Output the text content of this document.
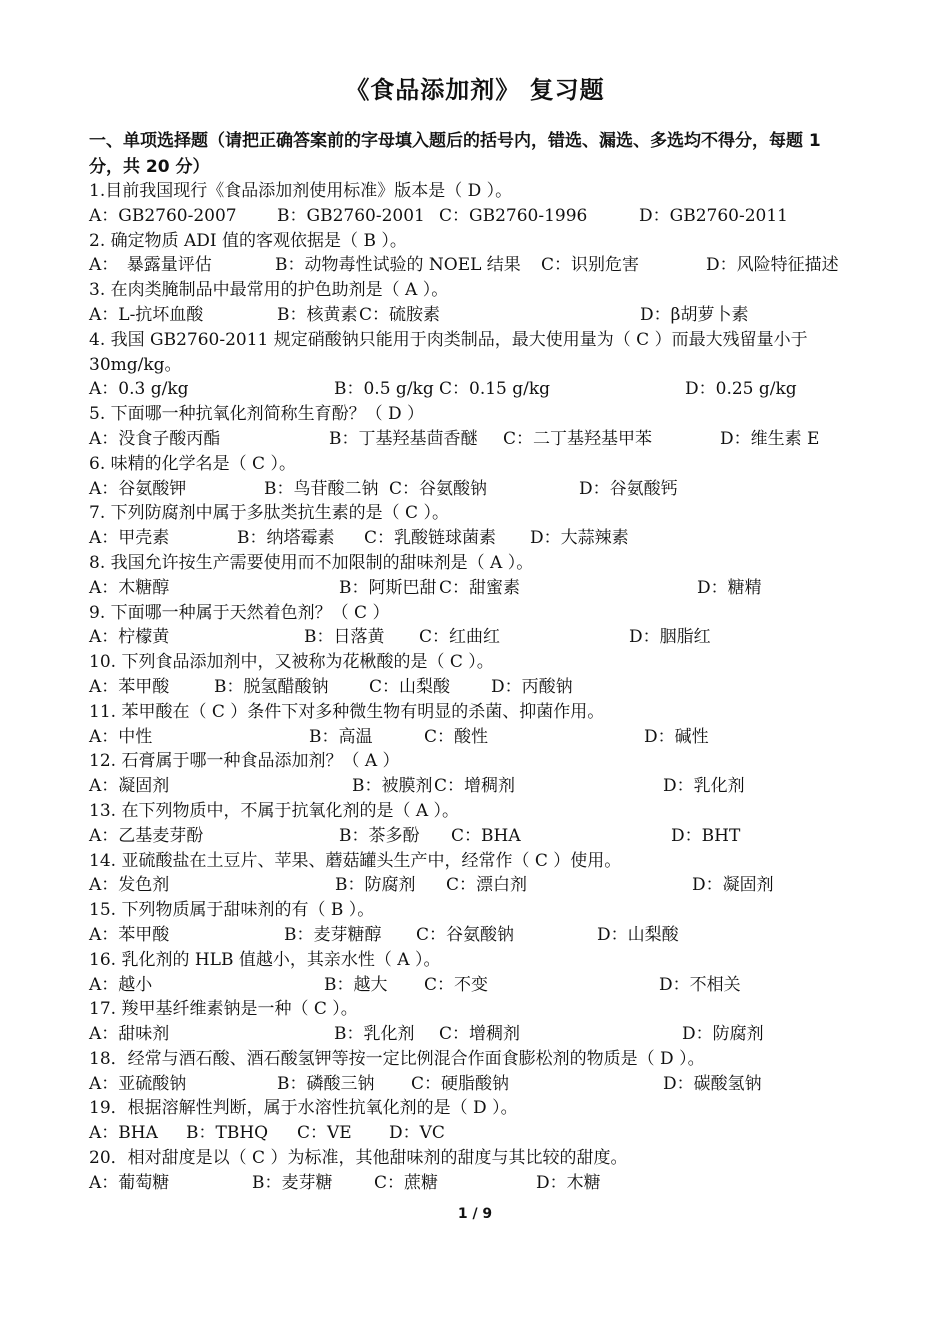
《食品添加剂》 复习题
一、单项选择题（请把正确答案前的字母填入题后的括号内，错选、漏选、多选均不得分，每题 1 分，共 20 分）
1.目前我国现行《食品添加剂使用标准》版本是（ D ）。
A：GB2760-2007 B：GB2760-2001 C：GB2760-1996	D：GB2760-2011
2. 确定物质 ADI 值的客观依据是（ B ）。
A：　暴露量评估	B：动物毒性试验的 NOEL 结果 C：识别危害	D：风险特征描述
3. 在肉类腌制品中最常用的护色助剂是（ A ）。
A：L-抗坏血酸	B：核黄素 C：硫胺素	D：β胡萝卜素
4. 我国 GB2760-2011 规定硝酸钠只能用于肉类制品，最大使用量为（ C ）而最大残留量小于 30mg/kg。
A：0.3 g/kg	B：0.5 g/kg C：0.15 g/kg	D：0.25 g/kg
5. 下面哪一种抗氧化剂简称生育酚？（ D ）
A：没食子酸丙酯	B：丁基羟基茴香醚 C：二丁基羟基甲苯	D：维生素 E
6. 味精的化学名是（ C ）。
A：谷氨酸钾	B：鸟苷酸二钠 C：谷氨酸钠	D：谷氨酸钙
7. 下列防腐剂中属于多肽类抗生素的是（ C ）。
A：甲壳素	B：纳塔霉素 C：乳酸链球菌素 D：大蒜辣素
8. 我国允许按生产需要使用而不加限制的甜味剂是（ A ）。
A：木糖醇	B：阿斯巴甜 C：甜蜜素	D：糖精
9. 下面哪一种属于天然着色剂？（ C ）
A：柠檬黄	B：日落黄 C：红曲红	D：胭脂红
10. 下列食品添加剂中，又被称为花楸酸的是（ C ）。
A：苯甲酸	B：脱氢醋酸钠 C：山梨酸 D：丙酸钠
11. 苯甲酸在（ C ）条件下对多种微生物有明显的杀菌、抑菌作用。
A：中性	B：高温	C：酸性	D：碱性
12. 石膏属于哪一种食品添加剂？（ A ）
A：凝固剂	B：被膜剂 C：增稠剂	D：乳化剂
13. 在下列物质中，不属于抗氧化剂的是（ A ）。
A：乙基麦芽酚	B：茶多酚 C：BHA	D：BHT
14. 亚硫酸盐在土豆片、苹果、蘑菇罐头生产中，经常作（ C ）使用。
A：发色剂	B：防腐剂 C：漂白剂	D：凝固剂
15. 下列物质属于甜味剂的有（ B ）。
A：苯甲酸	B：麦芽糖醇 C：谷氨酸钠	D：山梨酸
16. 乳化剂的 HLB 值越小，其亲水性（ A ）。
A：越小	B：越大 C：不变	D：不相关
17. 羧甲基纤维素钠是一种（ C ）。
A：甜味剂	B：乳化剂 C：增稠剂	D：防腐剂
18．经常与酒石酸、酒石酸氢钾等按一定比例混合作面食膨松剂的物质是（ D ）。
A：亚硫酸钠	B：磷酸三钠 C：硬脂酸钠	D：碳酸氢钠
19．根据溶解性判断，属于水溶性抗氧化剂的是（ D ）。
A：BHA B：TBHQ C：VE D：VC
20．相对甜度是以（ C ）为标准，其他甜味剂的甜度与其比较的甜度。
A：葡萄糖	B：麦芽糖 C：蔗糖	D：木糖
1 / 9
